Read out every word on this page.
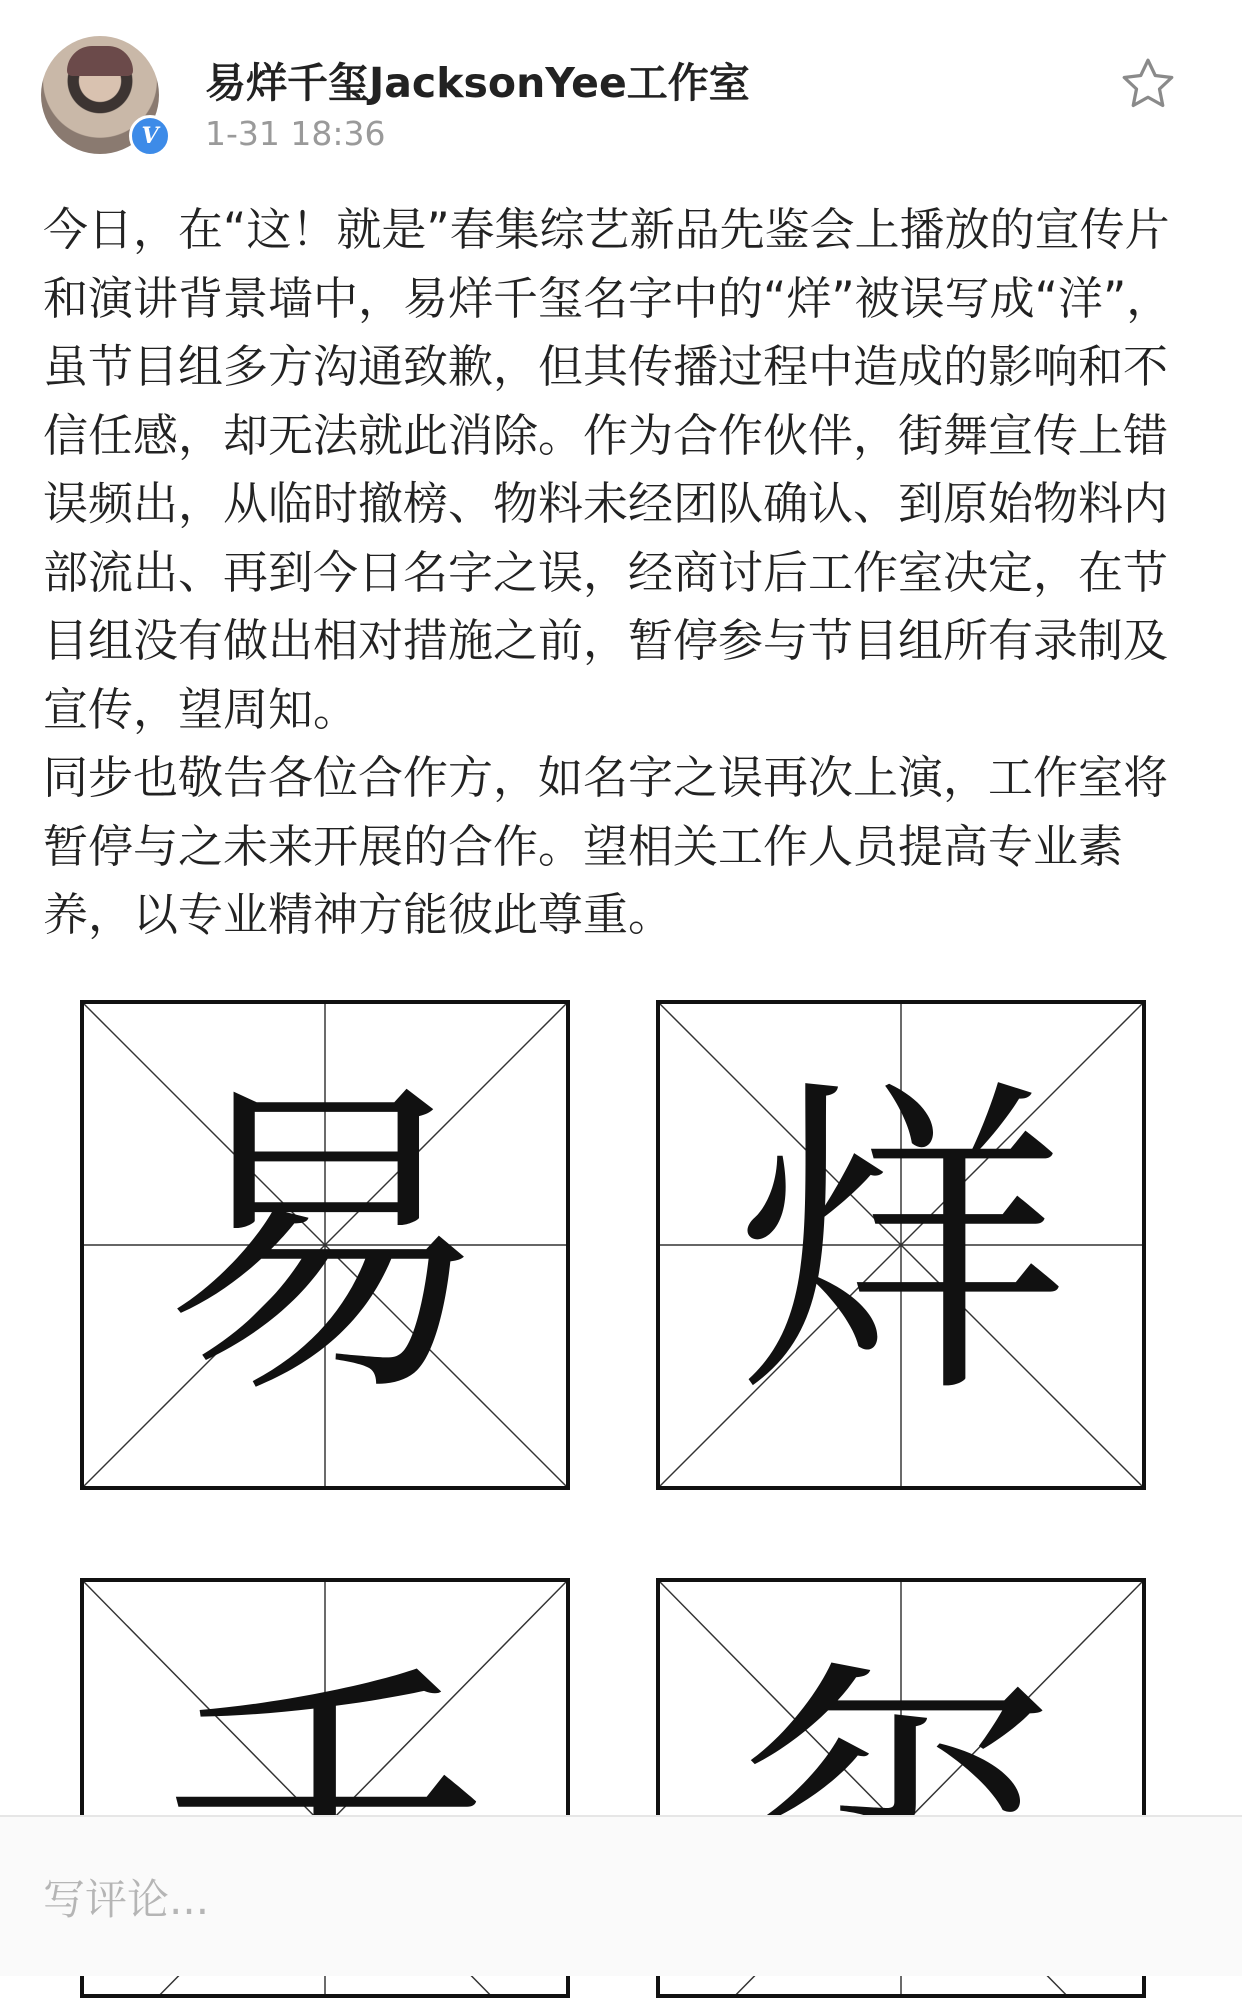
V
易烊千玺JacksonYee工作室
1-31 18:36

今日，在“这！就是”春集综艺新品先鉴会上播放的宣传片和演讲背景墙中，易烊千玺名字中的“烊”被误写成“洋”，虽节目组多方沟通致歉，但其传播过程中造成的影响和不信任感，却无法就此消除。作为合作伙伴，街舞宣传上错误频出，从临时撤榜、物料未经团队确认、到原始物料内部流出、再到今日名字之误，经商讨后工作室决定，在节目组没有做出相对措施之前，暂停参与节目组所有录制及宣传，望周知。

同步也敬告各位合作方，如名字之误再次上演，工作室将暂停与之未来开展的合作。望相关工作人员提高专业素养，以专业精神方能彼此尊重。

易 烊
写评论...
